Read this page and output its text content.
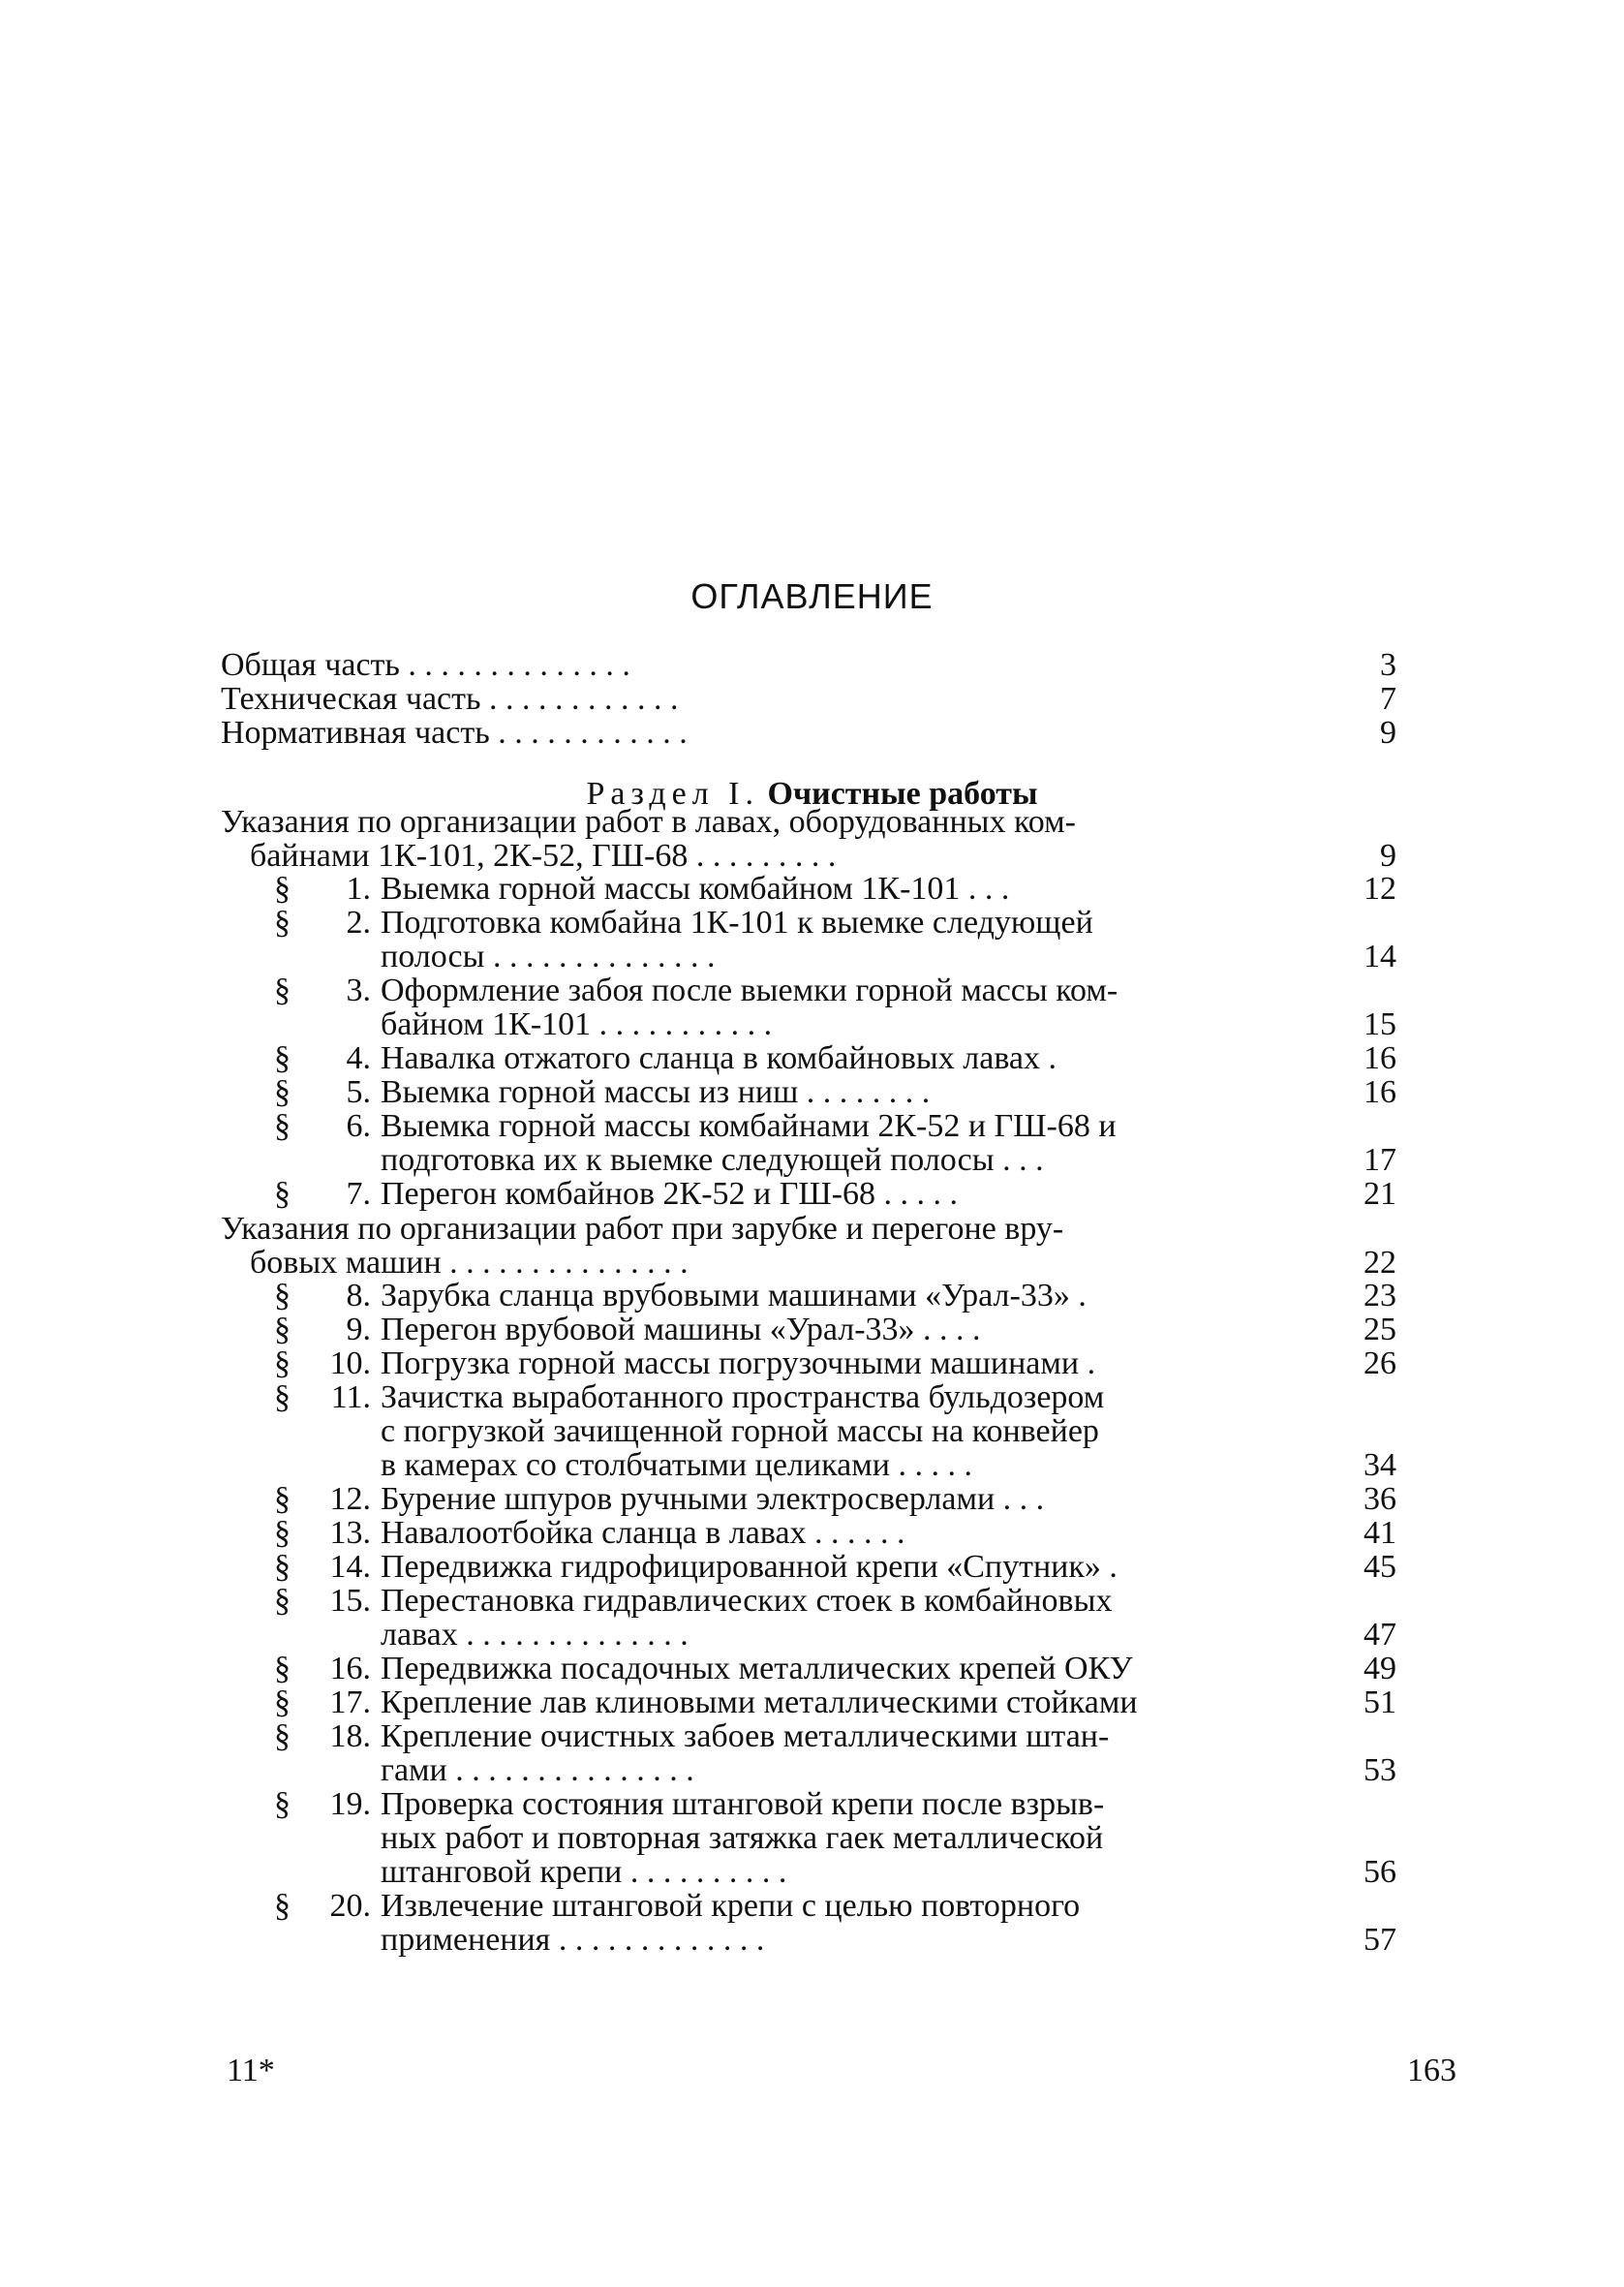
ОГЛАВЛЕНИЕ
Общая часть . . . . . . . . . . . . . .	3
Техническая часть . . . . . . . . . . . .	7
Нормативная часть . . . . . . . . . . . .	9
Указания по организации работ в лавах, оборудованных ком-
байнами 1К-101, 2К-52, ГШ-68 . . . . . . . . .	9
§	1. Выемка горной массы комбайном 1К-101 . . .	12
§	2. Подготовка комбайна 1К-101 к выемке следующей
полосы . . . . . . . . . . . . . .	14
§	3. Оформление забоя после выемки горной массы ком-
байном 1К-101 . . . . . . . . . . .	15
§	4. Навалка отжатого сланца в комбайновых лавах .	16
§	5. Выемка горной массы из ниш . . . . . . . .	16
§	6. Выемка горной массы комбайнами 2К-52 и ГШ-68 и
подготовка их к выемке следующей полосы . . .	17
§	7. Перегон комбайнов 2К-52 и ГШ-68 . . . . .	21
Указания по организации работ при зарубке и перегоне вру-
бовых машин . . . . . . . . . . . . . . .	22
§	8. Зарубка сланца врубовыми машинами «Урал-33» .	23
§	9. Перегон врубовой машины «Урал-33» . . . .	25
§	10. Погрузка горной массы погрузочными машинами .	26
§	11. Зачистка выработанного пространства бульдозером
с погрузкой зачищенной горной массы на конвейер
в камерах со столбчатыми целиками . . . . .	34
§	12. Бурение шпуров ручными электросверлами . . .	36
§	13. Навалоотбойка сланца в лавах . . . . . .	41
§	14. Передвижка гидрофицированной крепи «Спутник» .	45
§	15. Перестановка гидравлических стоек в комбайновых
лавах . . . . . . . . . . . . . .	47
§	16. Передвижка посадочных металлических крепей ОКУ	49
§	17. Крепление лав клиновыми металлическими стойками	51
§	18. Крепление очистных забоев металлическими штан-
гами . . . . . . . . . . . . . . .	53
§	19. Проверка состояния штанговой крепи после взрыв-
ных работ и повторная затяжка гаек металлической
штанговой крепи . . . . . . . . . .	56
§	20. Извлечение штанговой крепи с целью повторного
применения . . . . . . . . . . . . .	57
Раздел I. Очистные работы
11*	163
